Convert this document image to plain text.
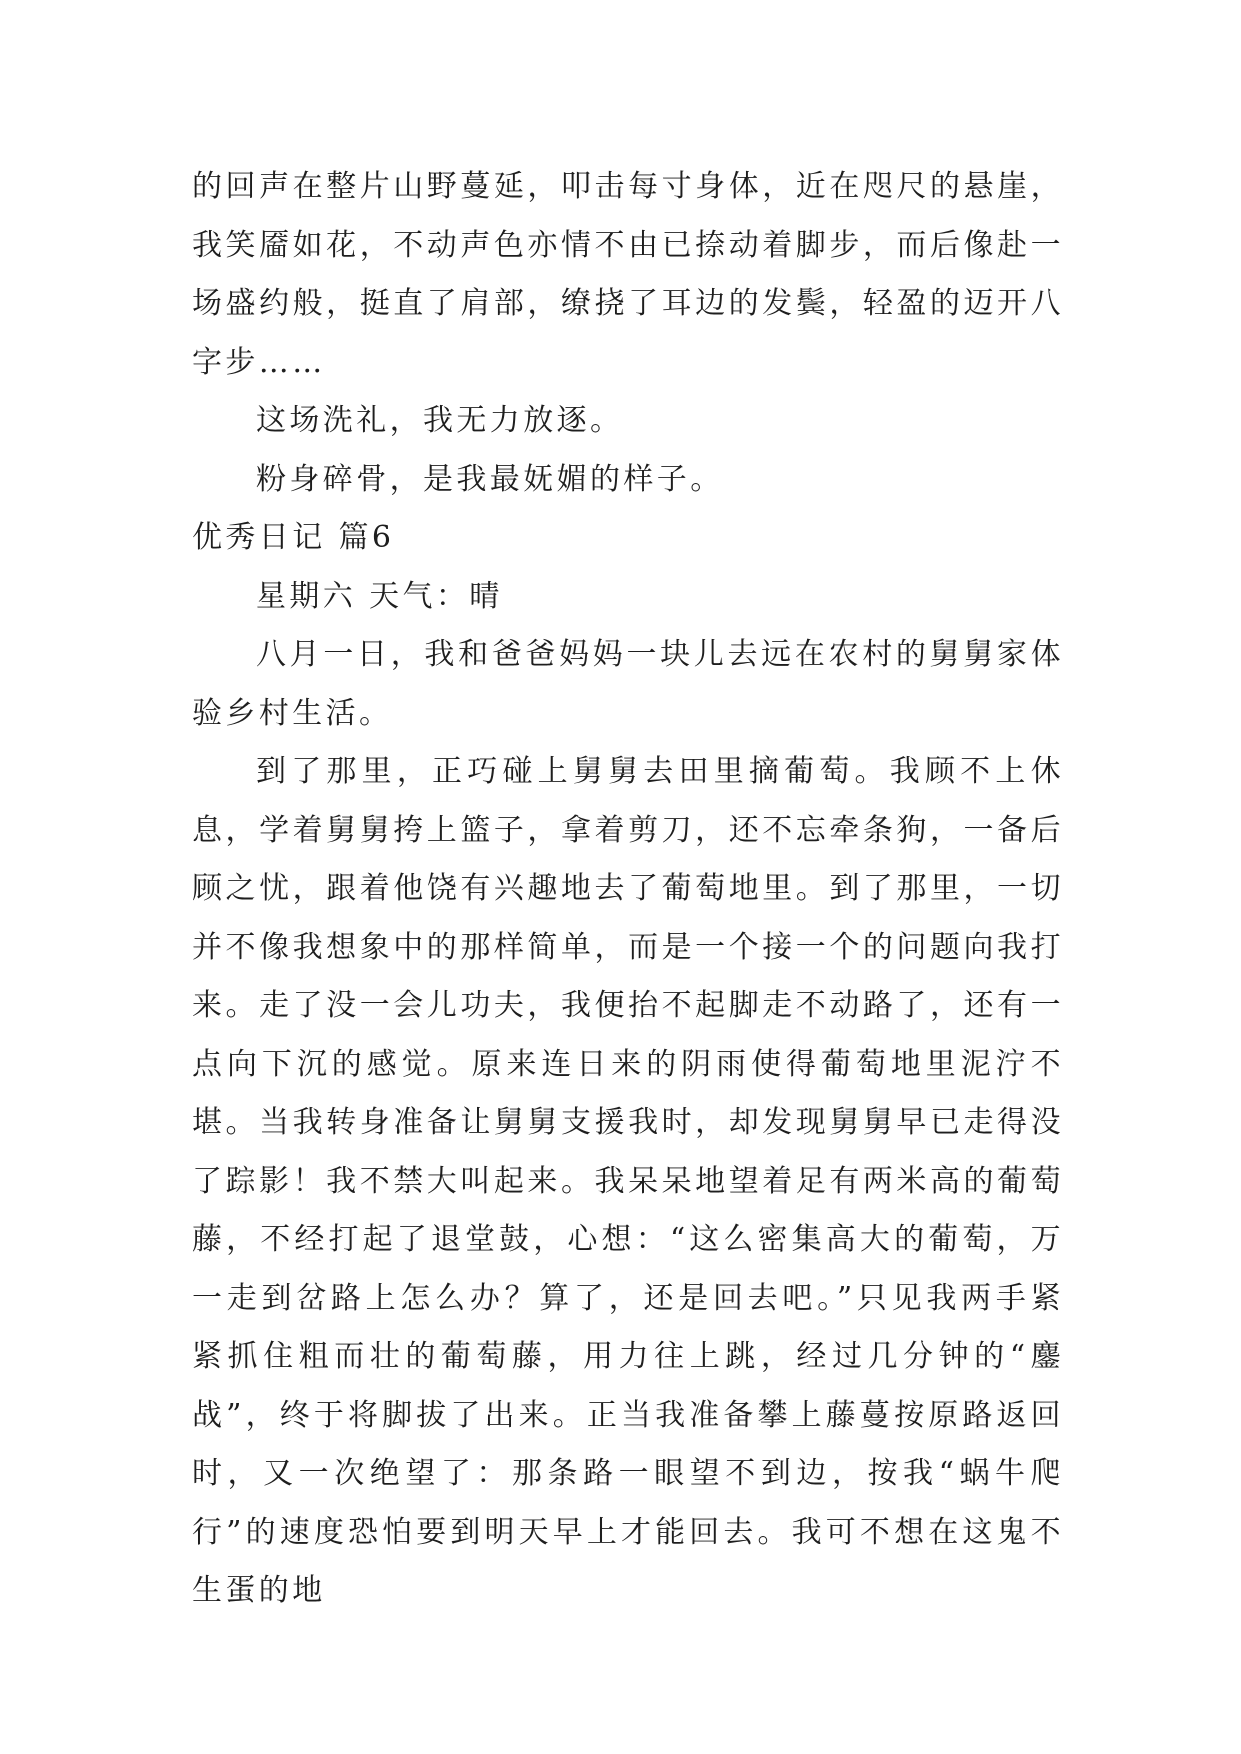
的回声在整片山野蔓延，叩击每寸身体，近在咫尺的悬崖，我笑靥如花，不动声色亦情不由已捺动着脚步，而后像赴一场盛约般，挺直了肩部，缭挠了耳边的发鬓，轻盈的迈开八字步……

这场洗礼，我无力放逐。

粉身碎骨，是我最妩媚的样子。

优秀日记 篇6

星期六 天气：晴

八月一日，我和爸爸妈妈一块儿去远在农村的舅舅家体验乡村生活。

到了那里，正巧碰上舅舅去田里摘葡萄。我顾不上休息，学着舅舅挎上篮子，拿着剪刀，还不忘牵条狗，一备后顾之忧，跟着他饶有兴趣地去了葡萄地里。到了那里，一切并不像我想象中的那样简单，而是一个接一个的问题向我打来。走了没一会儿功夫，我便抬不起脚走不动路了，还有一点向下沉的感觉。原来连日来的阴雨使得葡萄地里泥泞不堪。当我转身准备让舅舅支援我时，却发现舅舅早已走得没了踪影！我不禁大叫起来。我呆呆地望着足有两米高的葡萄藤，不经打起了退堂鼓，心想：“这么密集高大的葡萄，万一走到岔路上怎么办？算了，还是回去吧。”只见我两手紧紧抓住粗而壮的葡萄藤，用力往上跳，经过几分钟的“鏖战”，终于将脚拔了出来。正当我准备攀上藤蔓按原路返回时，又一次绝望了：那条路一眼望不到边，按我“蜗牛爬行”的速度恐怕要到明天早上才能回去。我可不想在这鬼不生蛋的地
